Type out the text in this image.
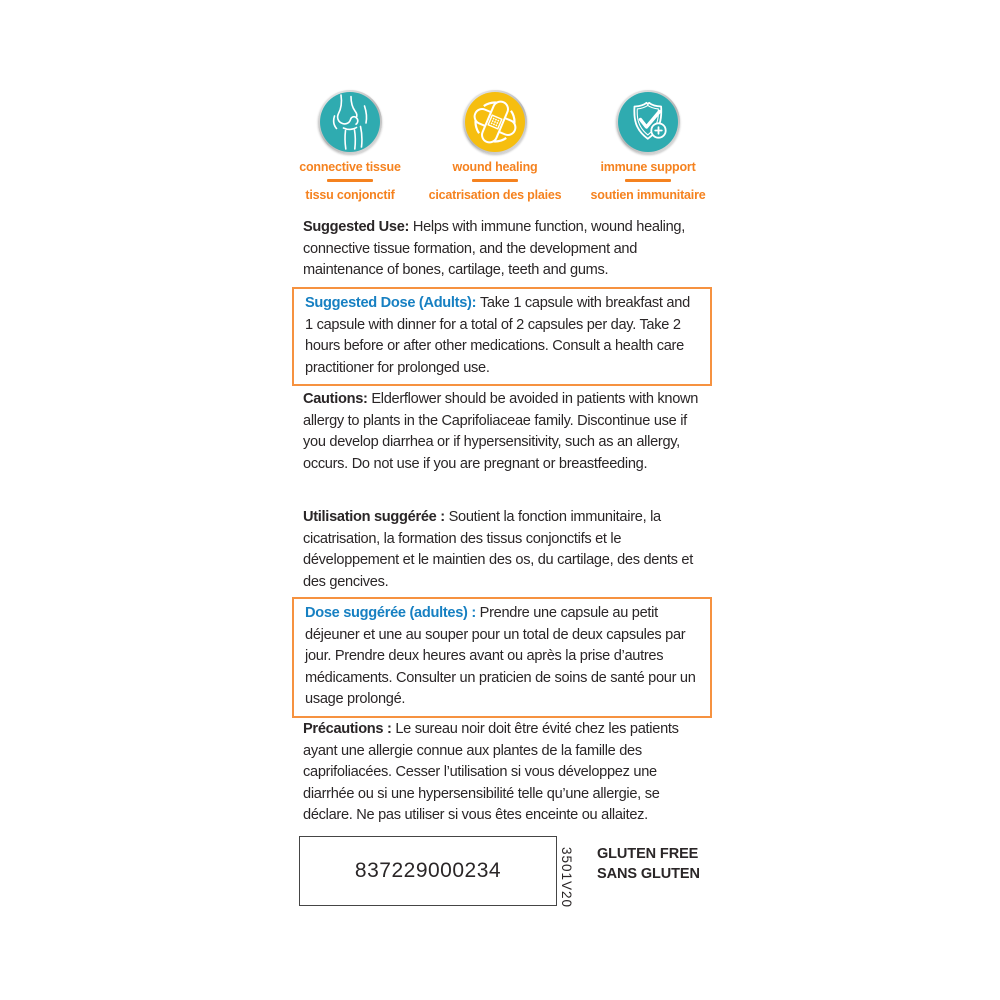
connective tissue
tissu conjonctif
wound healing
cicatrisation des plaies
immune support
soutien immunitaire

Suggested Use: Helps with immune function, wound healing, connective tissue formation, and the development and maintenance of bones, cartilage, teeth and gums.

Suggested Dose (Adults): Take 1 capsule with breakfast and 1 capsule with dinner for a total of 2 capsules per day. Take 2 hours before or after other medications. Consult a health care practitioner for prolonged use.

Cautions: Elderflower should be avoided in patients with known allergy to plants in the Caprifoliaceae family. Discontinue use if you develop diarrhea or if hypersensitivity, such as an allergy, occurs. Do not use if you are pregnant or breastfeeding.

Utilisation suggérée : Soutient la fonction immunitaire, la cicatrisation, la formation des tissus conjonctifs et le développement et le maintien des os, du cartilage, des dents et des gencives.

Dose suggérée (adultes) : Prendre une capsule au petit déjeuner et une au souper pour un total de deux capsules par jour. Prendre deux heures avant ou après la prise d’autres médicaments. Consulter un praticien de soins de santé pour un usage prolongé.

Précautions : Le sureau noir doit être évité chez les patients ayant une allergie connue aux plantes de la famille des caprifoliacées. Cesser l’utilisation si vous développez une diarrhée ou si une hypersensibilité telle qu’une allergie, se déclare. Ne pas utiliser si vous êtes enceinte ou allaitez.

837229000234	3501V20 GLUTEN FREE
SANS GLUTEN
